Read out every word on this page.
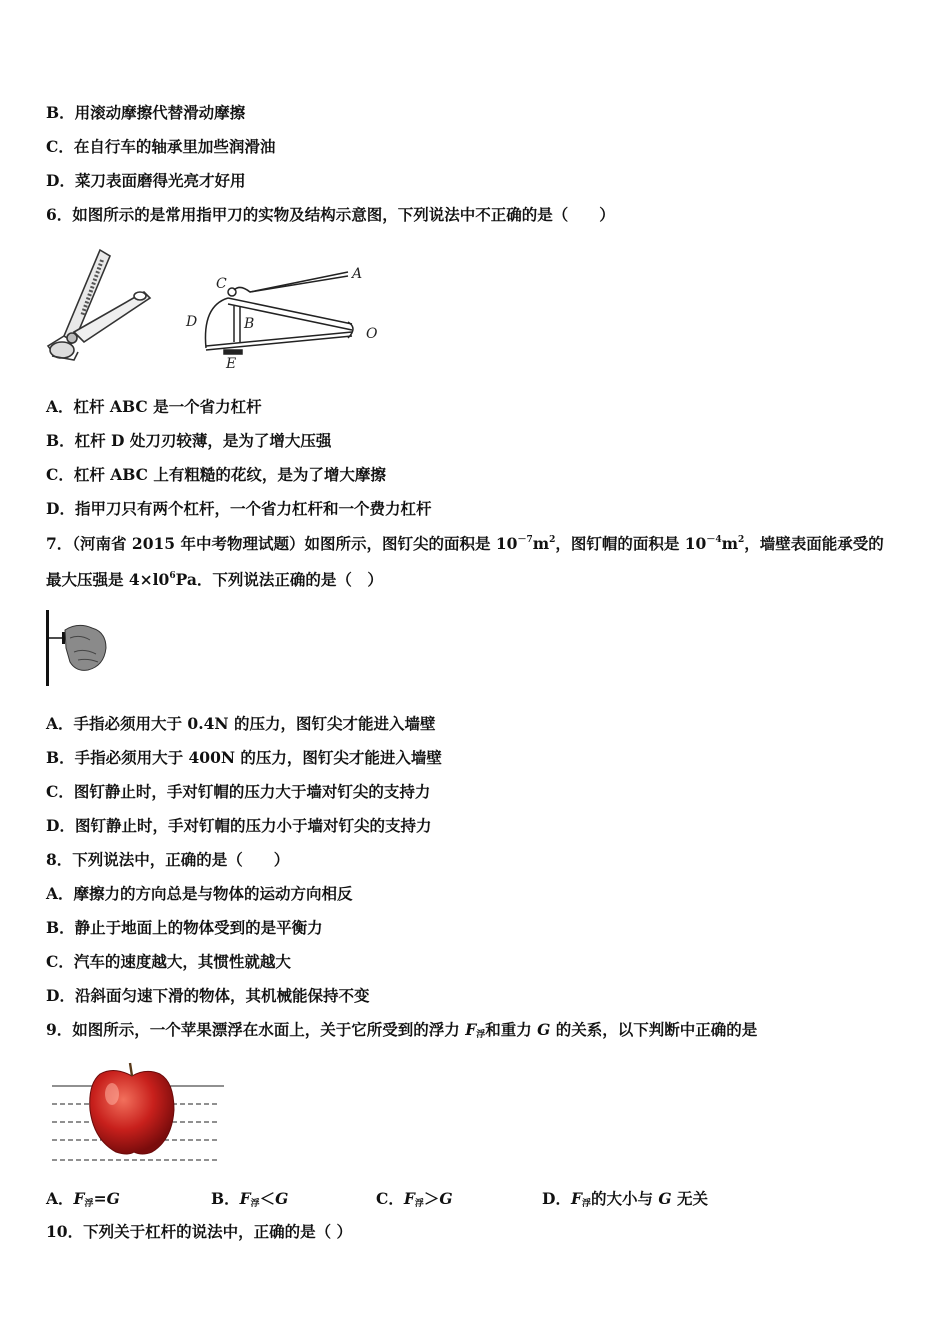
B．用滚动摩擦代替滑动摩擦
C．在自行车的轴承里加些润滑油
D．菜刀表面磨得光亮才好用
6．如图所示的是常用指甲刀的实物及结构示意图，下列说法中不正确的是（　　）
C
A
B
D
E
O
A．杠杆 ABC 是一个省力杠杆
B．杠杆 D 处刀刃较薄，是为了增大压强
C．杠杆 ABC 上有粗糙的花纹，是为了增大摩擦
D．指甲刀只有两个杠杆，一个省力杠杆和一个费力杠杆
7．（河南省 2015 年中考物理试题）如图所示，图钉尖的面积是 $10^{-7}m^2$，图钉帽的面积是 $10^{-4}m^2$，墙壁表面能承受的
最大压强是 $4\times l0^6Pa$．下列说法正确的是（　）
A．手指必须用大于 0.4N 的压力，图钉尖才能进入墙壁
B．手指必须用大于 400N 的压力，图钉尖才能进入墙壁
C．图钉静止时，手对钉帽的压力大于墙对钉尖的支持力
D．图钉静止时，手对钉帽的压力小于墙对钉尖的支持力
8．下列说法中，正确的是（　　）
A．摩擦力的方向总是与物体的运动方向相反
B．静止于地面上的物体受到的是平衡力
C．汽车的速度越大，其惯性就越大
D．沿斜面匀速下滑的物体，其机械能保持不变
9．如图所示，一个苹果漂浮在水面上，关于它所受到的浮力 $F_浮$和重力 G 的关系，以下判断中正确的是
A．$F_浮=G$	B．$F_浮<G$	C．$F_浮>G$	D．$F_浮$的大小与 G 无关
10．下列关于杠杆的说法中，正确的是（ ）
